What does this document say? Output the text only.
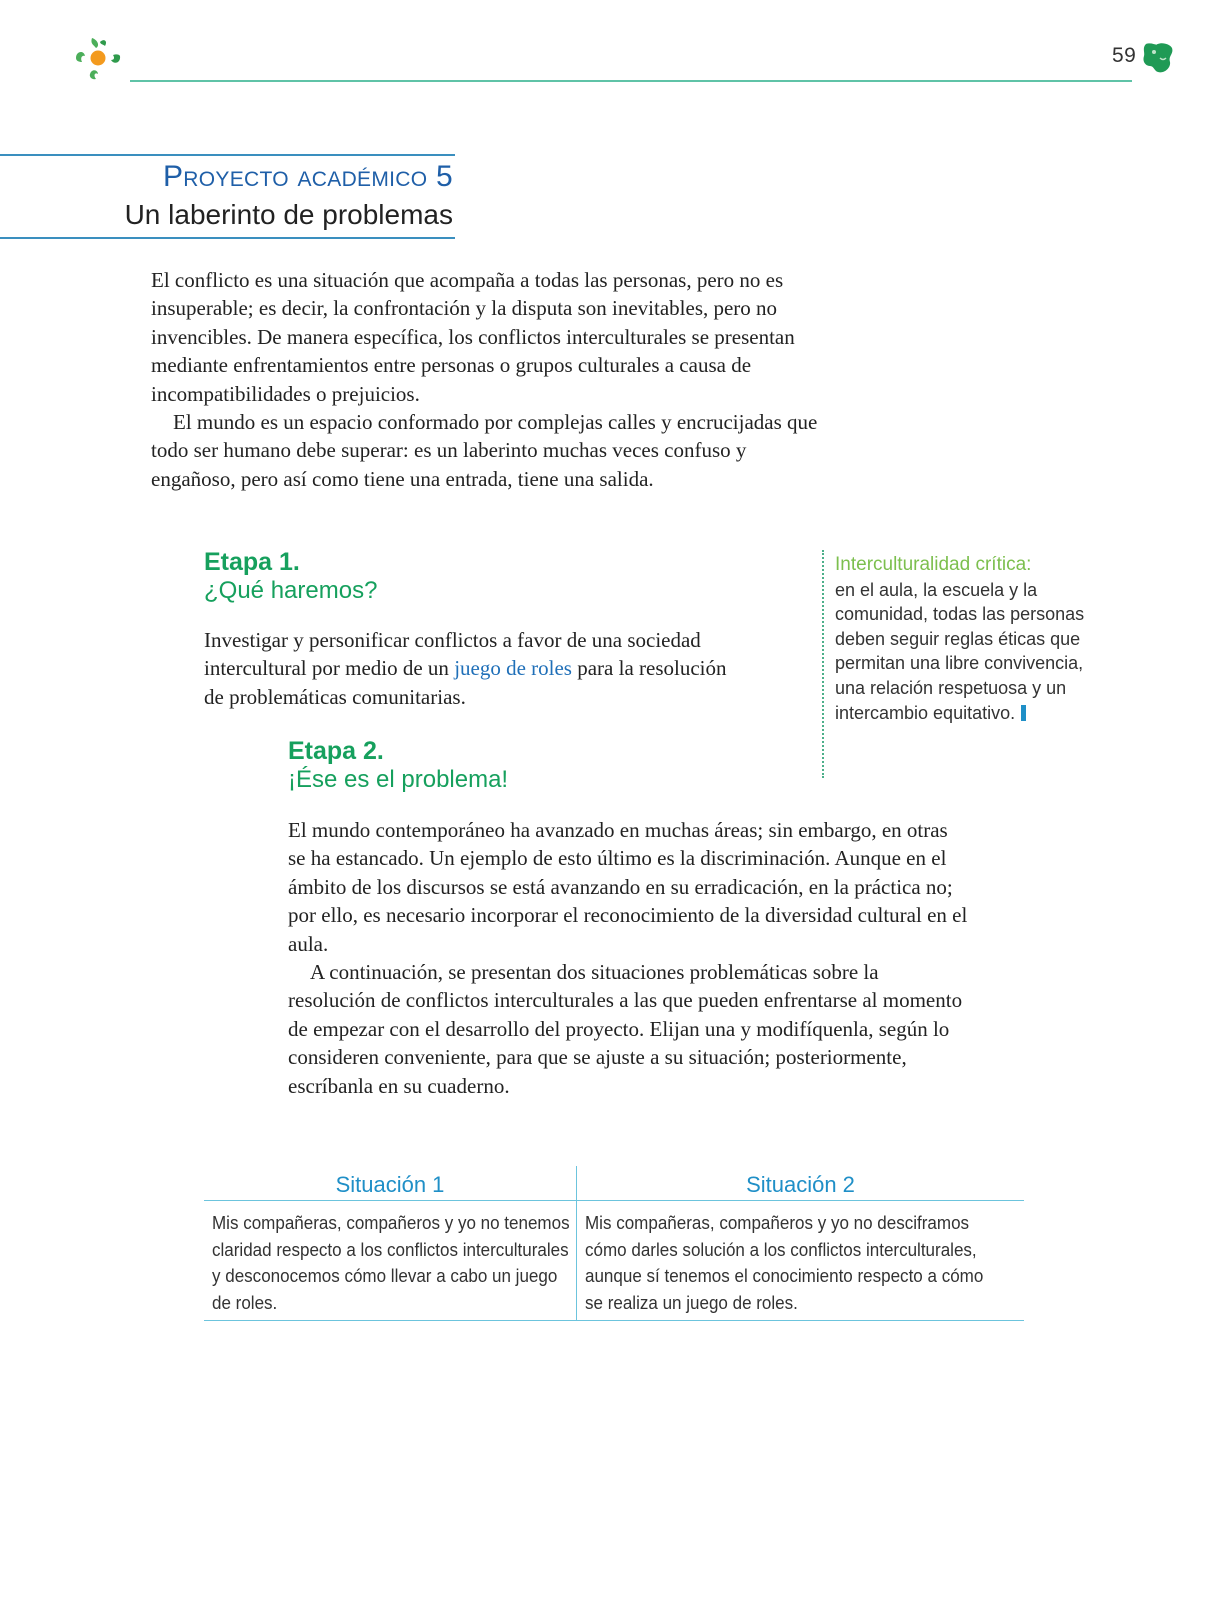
59
Proyecto académico 5
Un laberinto de problemas

El conflicto es una situación que acompaña a todas las personas, pero no es insuperable; es decir, la confrontación y la disputa son inevitables, pero no invencibles. De manera específica, los conflictos interculturales se presentan mediante enfrentamientos entre personas o grupos culturales a causa de incompatibilidades o prejuicios.

El mundo es un espacio conformado por complejas calles y encrucijadas que todo ser humano debe superar: es un laberinto muchas veces confuso y engañoso, pero así como tiene una entrada, tiene una salida.

Etapa 1.
¿Qué haremos?
Investigar y personificar conflictos a favor de una sociedad intercultural por medio de un juego de roles para la resolución de problemáticas comunitarias.
Interculturalidad crítica:
en el aula, la escuela y la comunidad, todas las personas deben seguir reglas éticas que permitan una libre convivencia, una relación respetuosa y un intercambio equitativo.
Etapa 2.
¡Ése es el problema!

El mundo contemporáneo ha avanzado en muchas áreas; sin embargo, en otras se ha estancado. Un ejemplo de esto último es la discriminación. Aunque en el ámbito de los discursos se está avanzando en su erradicación, en la práctica no; por ello, es necesario incorporar el reconocimiento de la diversidad cultural en el aula.

A continuación, se presentan dos situaciones problemáticas sobre la resolución de conflictos interculturales a las que pueden enfrentarse al momento de empezar con el desarrollo del proyecto. Elijan una y modifíquenla, según lo consideren conveniente, para que se ajuste a su situación; posteriormente, escríbanla en su cuaderno.

Situación 1	Situación 2
Mis compañeras, compañeros y yo no tenemos claridad respecto a los conflictos interculturales y desconocemos cómo llevar a cabo un juego de roles.
Mis compañeras, compañeros y yo no desciframos cómo darles solución a los conflictos interculturales, aunque sí tenemos el conocimiento respecto a cómo se realiza un juego de roles.
